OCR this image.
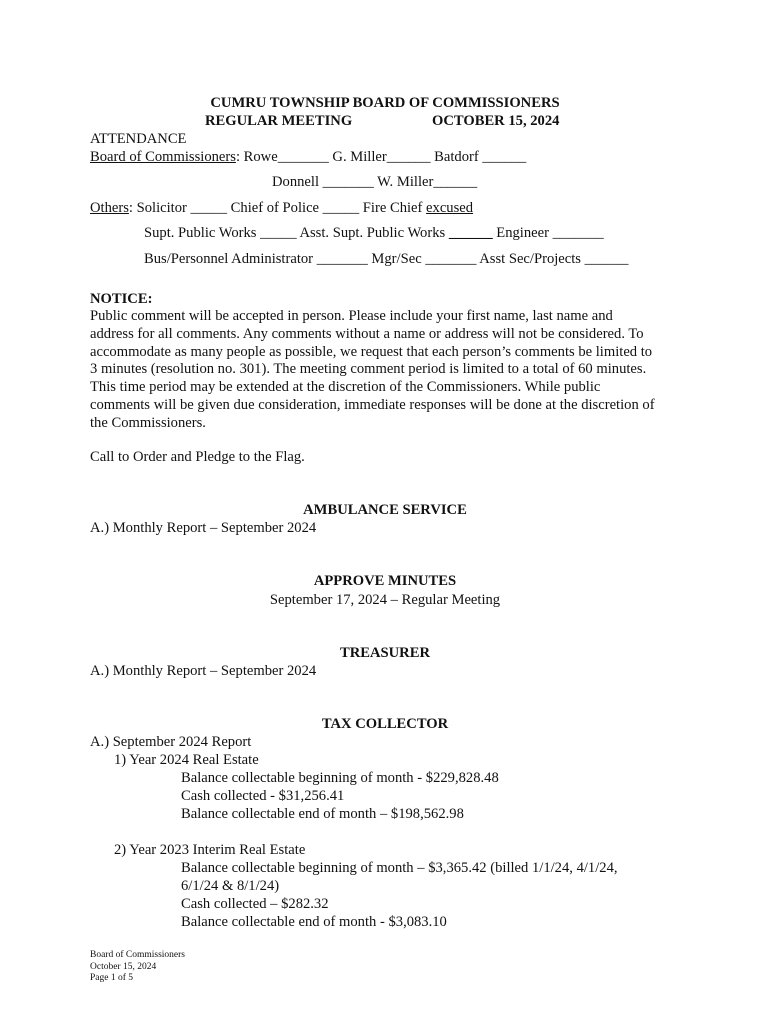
CUMRU TOWNSHIP BOARD OF COMMISSIONERS
REGULAR MEETING	OCTOBER 15, 2024
ATTENDANCE
Board of Commissioners: Rowe_______ G. Miller______ Batdorf ______
Donnell _______ W. Miller______
Others: Solicitor _____ Chief of Police _____ Fire Chief excused
Supt. Public Works _____ Asst. Supt. Public Works ______ Engineer _______
Bus/Personnel Administrator _______ Mgr/Sec _______ Asst Sec/Projects ______
NOTICE:
Public comment will be accepted in person. Please include your first name, last name and
address for all comments. Any comments without a name or address will not be considered. To
accommodate as many people as possible, we request that each person’s comments be limited to
3 minutes (resolution no. 301). The meeting comment period is limited to a total of 60 minutes.
This time period may be extended at the discretion of the Commissioners. While public
comments will be given due consideration, immediate responses will be done at the discretion of
the Commissioners.
Call to Order and Pledge to the Flag.
AMBULANCE SERVICE
A.) Monthly Report – September 2024
APPROVE MINUTES
September 17, 2024 – Regular Meeting
TREASURER
A.) Monthly Report – September 2024
TAX COLLECTOR
A.) September 2024 Report
1) Year 2024 Real Estate
Balance collectable beginning of month - $229,828.48
Cash collected - $31,256.41
Balance collectable end of month – $198,562.98
2) Year 2023 Interim Real Estate
Balance collectable beginning of month – $3,365.42 (billed 1/1/24, 4/1/24,
6/1/24 & 8/1/24)
Cash collected – $282.32
Balance collectable end of month - $3,083.10
Board of Commissioners
October 15, 2024
Page 1 of 5
